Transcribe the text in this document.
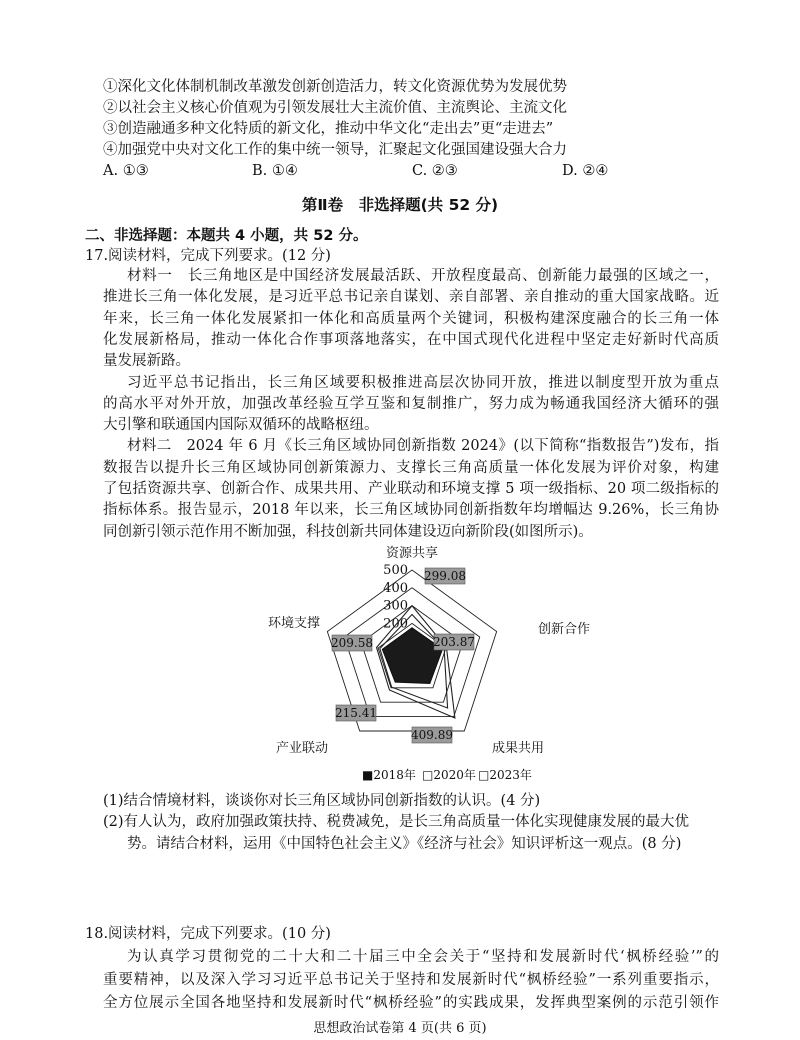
①深化文化体制机制改革激发创新创造活力，转文化资源优势为发展优势
②以社会主义核心价值观为引领发展壮大主流价值、主流舆论、主流文化
③创造融通多种文化特质的新文化，推动中华文化“走出去”更“走进去”
④加强党中央对文化工作的集中统一领导，汇聚起文化强国建设强大合力
A. ①③	B. ①④	C. ②③	D. ②④
第Ⅱ卷　非选择题(共 52 分)
二、非选择题：本题共 4 小题，共 52 分。
17.阅读材料，完成下列要求。(12 分)
材料一　长三角地区是中国经济发展最活跃、开放程度最高、创新能力最强的区域之一，
推进长三角一体化发展，是习近平总书记亲自谋划、亲自部署、亲自推动的重大国家战略。近
年来，长三角一体化发展紧扣一体化和高质量两个关键词，积极构建深度融合的长三角一体
化发展新格局，推动一体化合作事项落地落实，在中国式现代化进程中坚定走好新时代高质
量发展新路。
习近平总书记指出，长三角区域要积极推进高层次协同开放，推进以制度型开放为重点
的高水平对外开放，加强改革经验互学互鉴和复制推广，努力成为畅通我国经济大循环的强
大引擎和联通国内国际双循环的战略枢纽。
材料二　2024 年 6 月《长三角区域协同创新指数 2024》(以下简称“指数报告”)发布，指
数报告以提升长三角区域协同创新策源力、支撑长三角高质量一体化发展为评价对象，构建
了包括资源共享、创新合作、成果共用、产业联动和环境支撑 5 项一级指标、20 项二级指标的
指标体系。报告显示，2018 年以来，长三角区域协同创新指数年均增幅达 9.26%，长三角协
同创新引领示范作用不断加强，科技创新共同体建设迈向新阶段(如图所示)。
200
300
400
500
资源共享
创新合作
成果共用
产业联动
环境支撑
299.08
203.87
409.89
215.41
209.58
■2018年 □2020年 □2023年
(1)结合情境材料，谈谈你对长三角区域协同创新指数的认识。(4 分)
(2)有人认为，政府加强政策扶持、税费减免，是长三角高质量一体化实现健康发展的最大优
势。请结合材料，运用《中国特色社会主义》《经济与社会》知识评析这一观点。(8 分)
18.阅读材料，完成下列要求。(10 分)
为认真学习贯彻党的二十大和二十届三中全会关于“坚持和发展新时代‘枫桥经验’”的
重要精神，以及深入学习习近平总书记关于坚持和发展新时代“枫桥经验”一系列重要指示，
全方位展示全国各地坚持和发展新时代“枫桥经验”的实践成果，发挥典型案例的示范引领作
思想政治试卷第 4 页(共 6 页)
